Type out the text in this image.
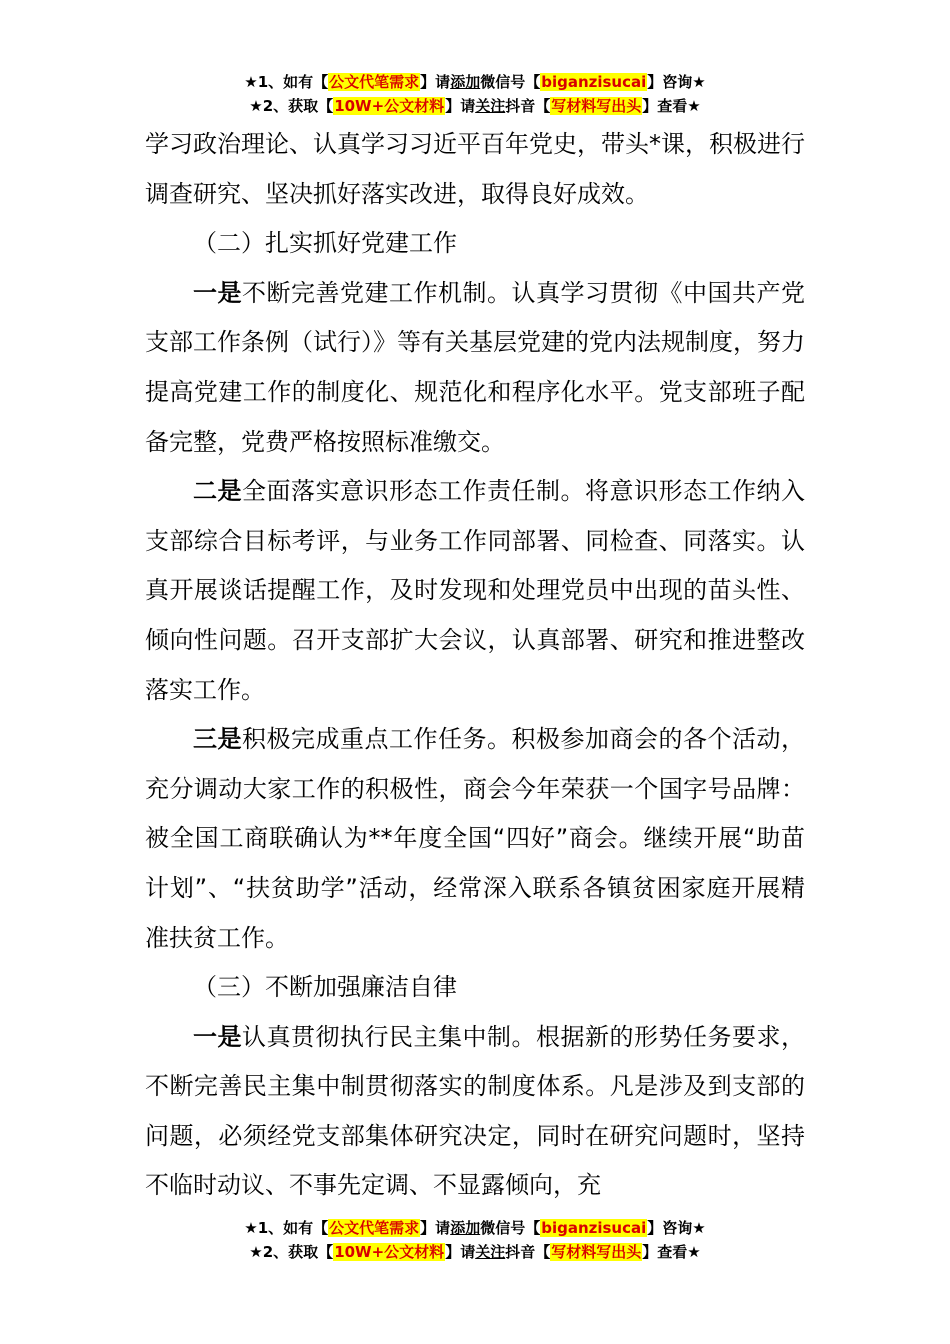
★1、如有【公文代笔需求】请添加微信号【biganzisucai】咨询★
★2、获取【10W+公文材料】请关注抖音【写材料写出头】查看★

学习政治理论、认真学习习近平百年党史，带头*课，积极进行调查研究、坚决抓好落实改进，取得良好成效。

（二）扎实抓好党建工作

一是不断完善党建工作机制。认真学习贯彻《中国共产党支部工作条例（试行）》等有关基层党建的党内法规制度，努力提高党建工作的制度化、规范化和程序化水平。党支部班子配备完整，党费严格按照标准缴交。

二是全面落实意识形态工作责任制。将意识形态工作纳入支部综合目标考评，与业务工作同部署、同检查、同落实。认真开展谈话提醒工作，及时发现和处理党员中出现的苗头性、倾向性问题。召开支部扩大会议，认真部署、研究和推进整改落实工作。

三是积极完成重点工作任务。积极参加商会的各个活动，充分调动大家工作的积极性，商会今年荣获一个国字号品牌：被全国工商联确认为**年度全国“四好”商会。继续开展“助苗计划”、“扶贫助学”活动，经常深入联系各镇贫困家庭开展精准扶贫工作。

（三）不断加强廉洁自律

一是认真贯彻执行民主集中制。根据新的形势任务要求，不断完善民主集中制贯彻落实的制度体系。凡是涉及到支部的问题，必须经党支部集体研究决定，同时在研究问题时，坚持不临时动议、不事先定调、不显露倾向，充

★1、如有【公文代笔需求】请添加微信号【biganzisucai】咨询★
★2、获取【10W+公文材料】请关注抖音【写材料写出头】查看★
